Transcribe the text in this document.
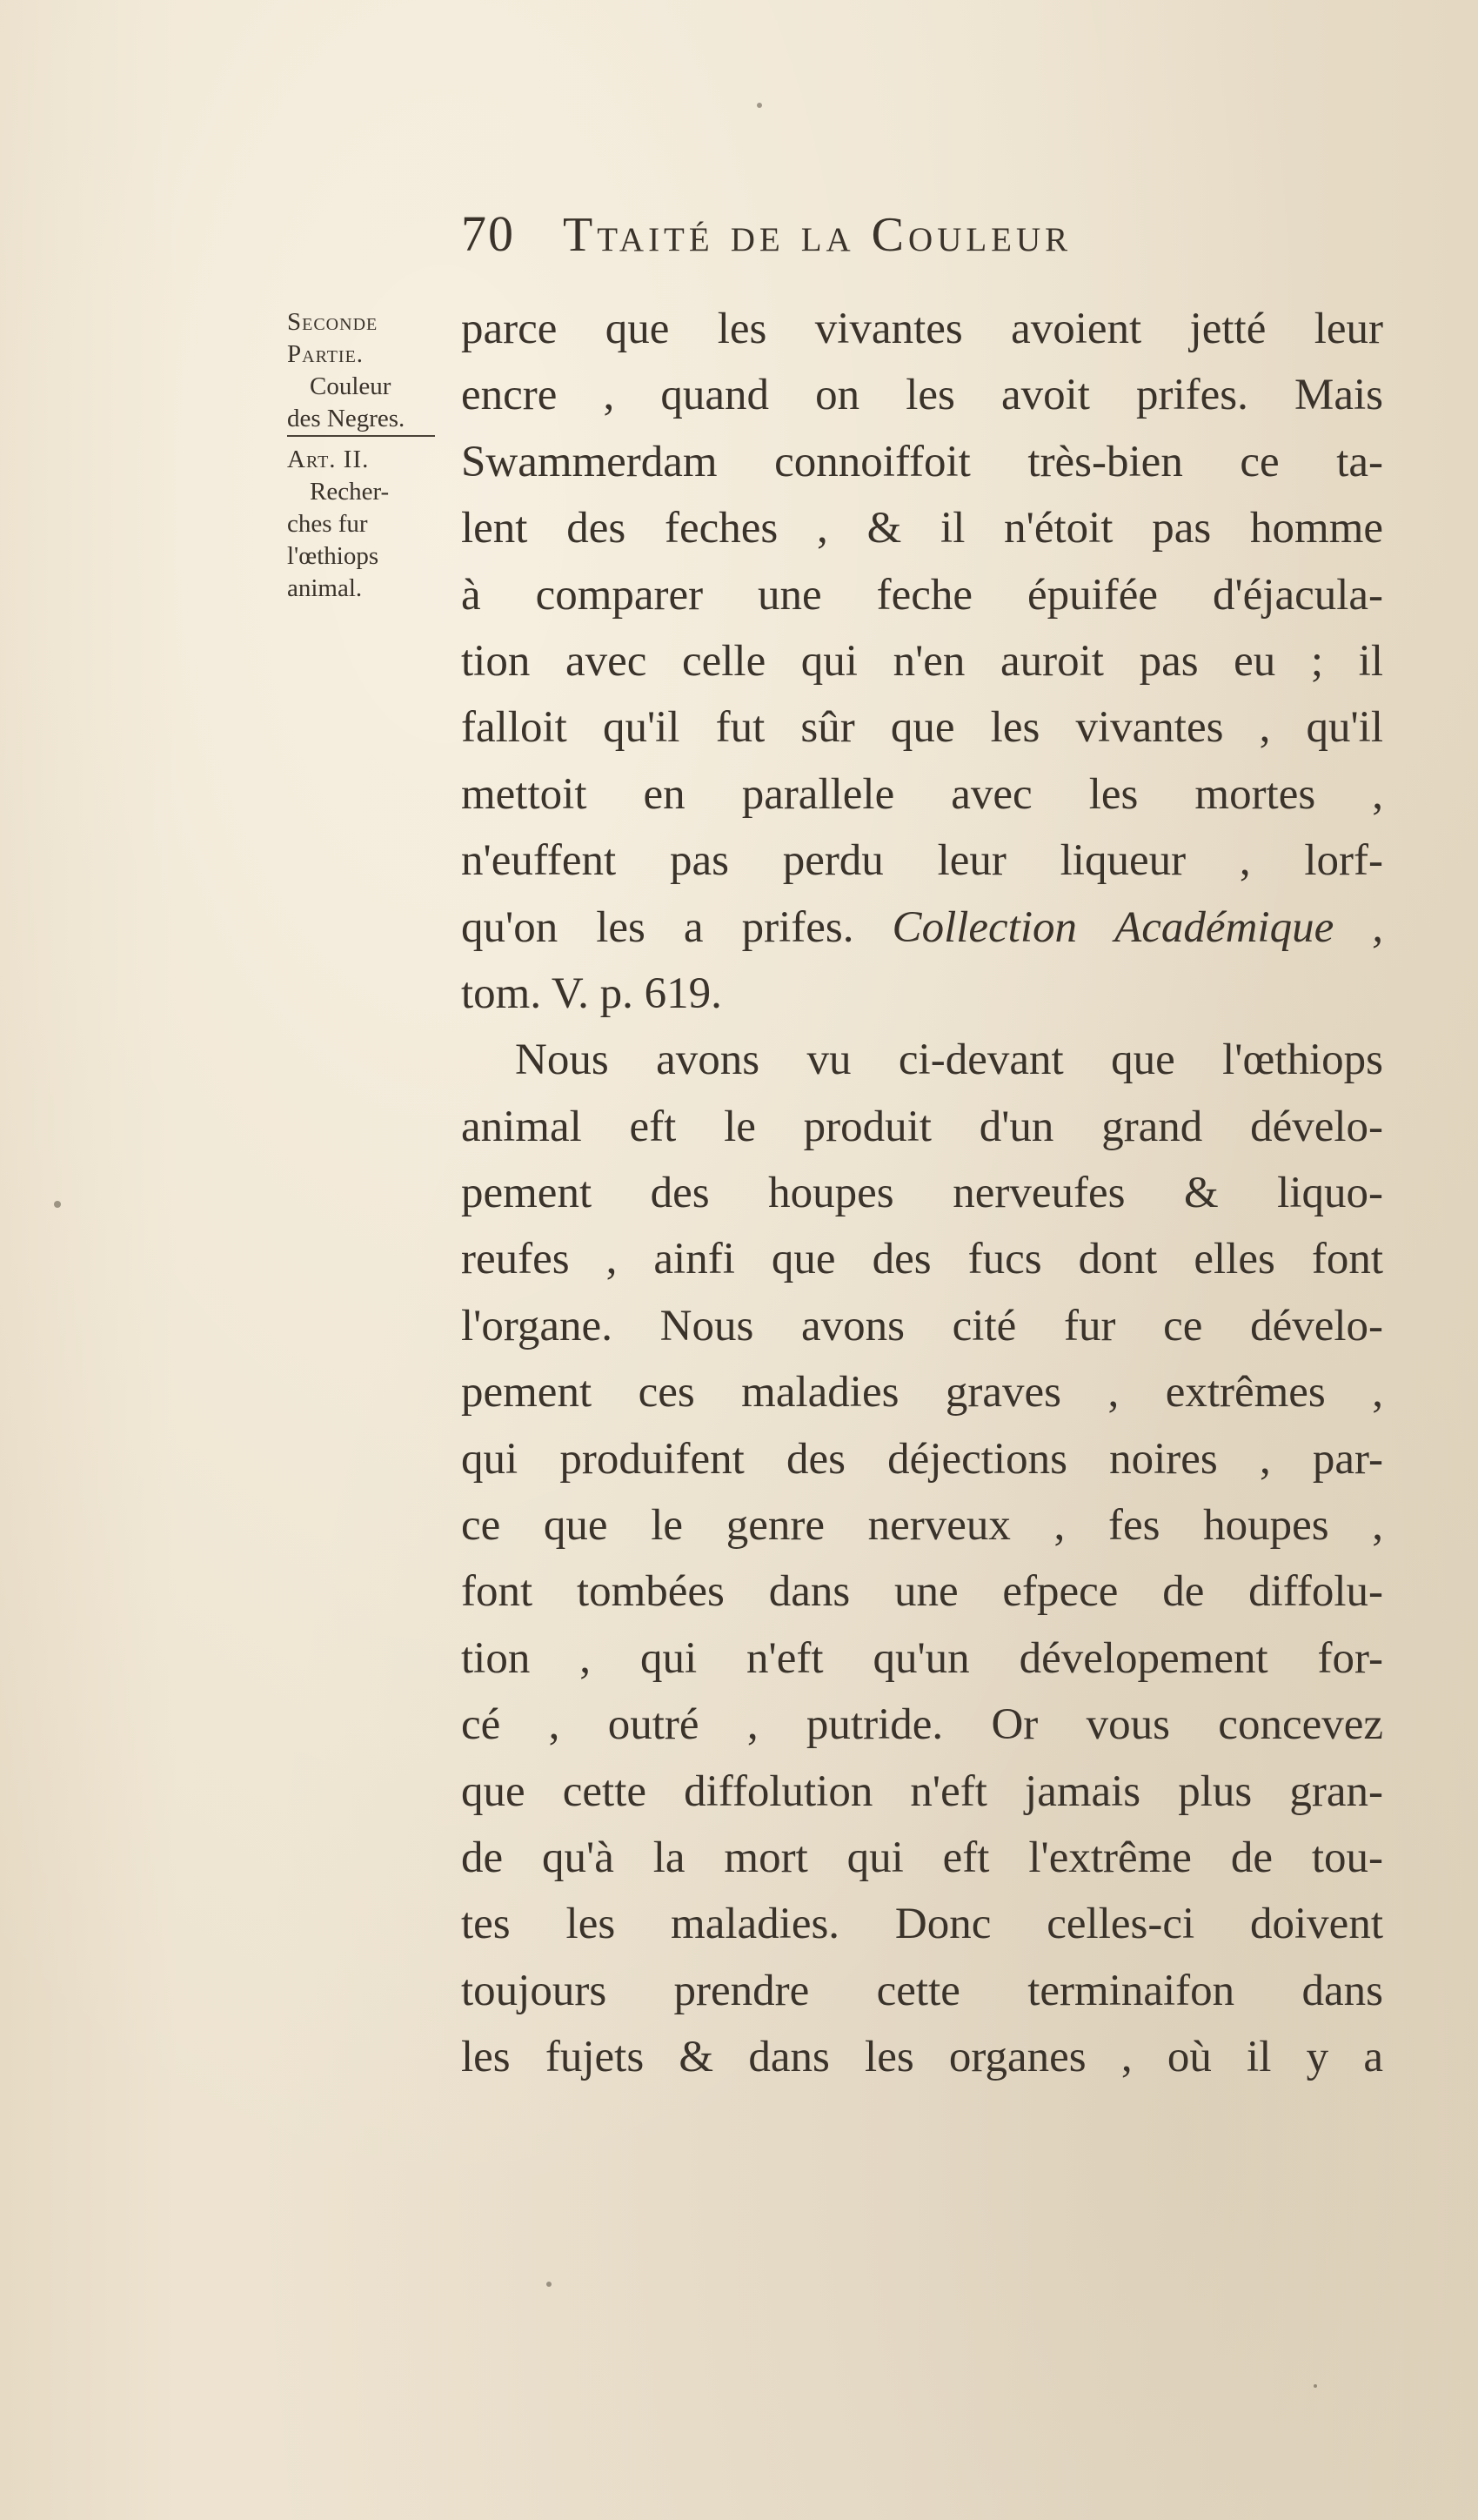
70 Ttaité de la Couleur
Seconde
Partie.
Couleur
des Negres.
Art. II.
Recher-
ches fur
l'œthiops
animal.
parce que les vivantes avoient jetté leur
encre , quand on les avoit prifes. Mais
Swammerdam connoiffoit très-bien ce ta-
lent des feches , & il n'étoit pas homme
à comparer une feche épuifée d'éjacula-
tion avec celle qui n'en auroit pas eu ; il
falloit qu'il fut sûr que les vivantes , qu'il
mettoit en parallele avec les mortes ,
n'euffent pas perdu leur liqueur , lorf-
qu'on les a prifes. Collection Académique ,
tom. V. p. 619.
Nous avons vu ci-devant que l'œthiops
animal eft le produit d'un grand dévelo-
pement des houpes nerveufes & liquo-
reufes , ainfi que des fucs dont elles font
l'organe. Nous avons cité fur ce dévelo-
pement ces maladies graves , extrêmes ,
qui produifent des déjections noires , par-
ce que le genre nerveux , fes houpes ,
font tombées dans une efpece de diffolu-
tion , qui n'eft qu'un dévelopement for-
cé , outré , putride. Or vous concevez
que cette diffolution n'eft jamais plus gran-
de qu'à la mort qui eft l'extrême de tou-
tes les maladies. Donc celles-ci doivent
toujours prendre cette terminaifon dans
les fujets & dans les organes , où il y a
